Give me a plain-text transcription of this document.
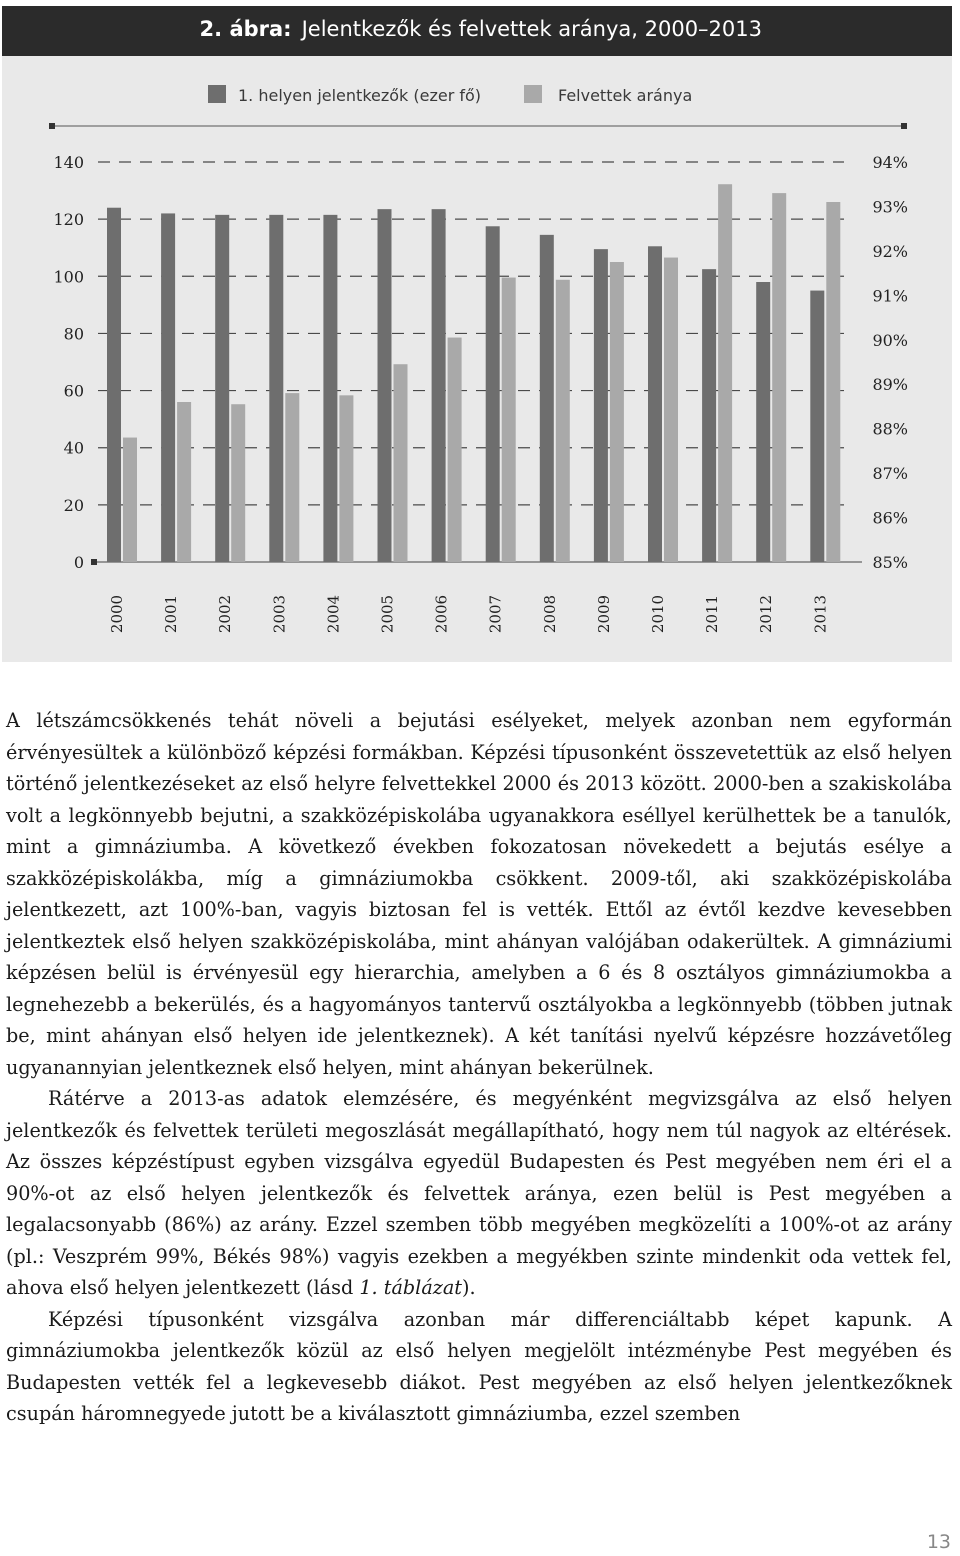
2. ábra: Jelentkezők és felvettek aránya, 2000–2013
1. helyen jelentkezők (ezer fő)	Felvettek aránya
0
20
40
60
80
100
120
140
85%
86%
87%
88%
89%
90%
91%
92%
93%
94%
2000 2001 2002 2003 2004 2005 2006 2007 2008 2009 2010 2011 2012 2013

A létszámcsökkenés tehát növeli a bejutási esélyeket, melyek azonban nem egyformán érvényesültek a különböző képzési formákban. Képzési típusonként összevetettük az első helyen történő jelentkezéseket az első helyre felvettekkel 2000 és 2013 között. 2000-ben a szakiskolába volt a legkönnyebb bejutni, a szakközépiskolába ugyanakkora eséllyel kerülhettek be a tanulók, mint a gimnáziumba. A következő években fokozatosan növekedett a bejutás esélye a szakközépiskolákba, míg a gimnáziumokba csökkent. 2009-től, aki szakközépiskolába jelentkezett, azt 100%-ban, vagyis biztosan fel is vették. Ettől az évtől kezdve kevesebben jelentkeztek első helyen szakközépiskolába, mint ahányan valójában odakerültek. A gimnáziumi képzésen belül is érvényesül egy hierarchia, amelyben a 6 és 8 osztályos gimnáziumokba a legnehezebb a bekerülés, és a hagyományos tantervű osztályokba a legkönnyebb (többen jutnak be, mint ahányan első helyen ide jelentkeznek). A két tanítási nyelvű képzésre hozzávetőleg ugyanannyian jelentkeznek első helyen, mint ahányan bekerülnek.

Rátérve a 2013-as adatok elemzésére, és megyénként megvizsgálva az első helyen jelentkezők és felvettek területi megoszlását megállapítható, hogy nem túl nagyok az eltérések. Az összes képzéstípust egyben vizsgálva egyedül Budapesten és Pest megyében nem éri el a 90%-ot az első helyen jelentkezők és felvettek aránya, ezen belül is Pest megyében a legalacsonyabb (86%) az arány. Ezzel szemben több megyében megközelíti a 100%-ot az arány (pl.: Veszprém 99%, Békés 98%) vagyis ezekben a megyékben szinte mindenkit oda vettek fel, ahova első helyen jelentkezett (lásd 1. táblázat).

Képzési típusonként vizsgálva azonban már differenciáltabb képet kapunk. A gimnáziumokba jelentkezők közül az első helyen megjelölt intézménybe Pest megyében és Budapesten vették fel a legkevesebb diákot. Pest megyében az első helyen jelentkezőknek csupán háromnegyede jutott be a kiválasztott gimnáziumba, ezzel szemben

13
